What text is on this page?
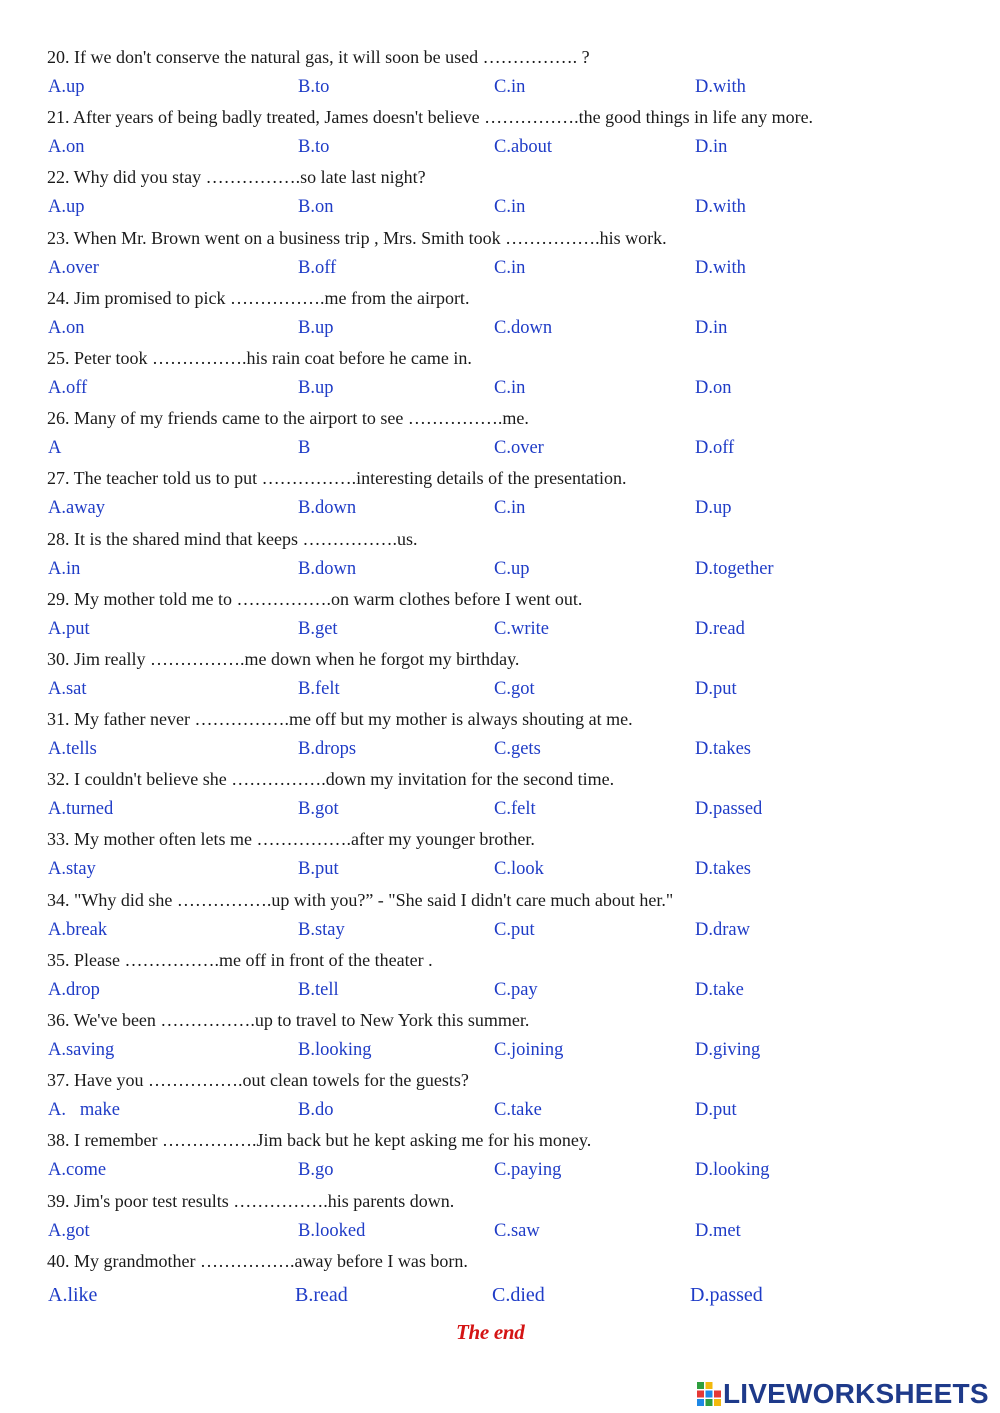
20. If we don't conserve the natural gas, it will soon be used ……………. ?
A.up	B.to	C.in	D.with
21. After years of being badly treated, James doesn't believe …………….the good things in life any more.
A.on	B.to	C.about	D.in
22. Why did you stay …………….so late last night?
A.up	B.on	C.in	D.with
23. When Mr. Brown went on a business trip , Mrs. Smith took …………….his work.
A.over	B.off	C.in	D.with
24. Jim promised to pick …………….me from the airport.
A.on	B.up	C.down	D.in
25. Peter took …………….his rain coat before he came in.
A.off	B.up	C.in	D.on
26. Many of my friends came to the airport to see …………….me.
A	B	C.over	D.off
27. The teacher told us to put …………….interesting details of the presentation.
A.away	B.down	C.in	D.up
28. It is the shared mind that keeps …………….us.
A.in	B.down	C.up	D.together
29. My mother told me to …………….on warm clothes before I went out.
A.put	B.get	C.write	D.read
30. Jim really …………….me down when he forgot my birthday.
A.sat	B.felt	C.got	D.put
31. My father never …………….me off but my mother is always shouting at me.
A.tells	B.drops	C.gets	D.takes
32. I couldn't believe she …………….down my invitation for the second time.
A.turned	B.got	C.felt	D.passed
33. My mother often lets me …………….after my younger brother.
A.stay	B.put	C.look	D.takes
34. "Why did she …………….up with you?” - "She said I didn't care much about her."
A.break	B.stay	C.put	D.draw
35. Please …………….me off in front of the theater .
A.drop	B.tell	C.pay	D.take
36. We've been …………….up to travel to New York this summer.
A.saving	B.looking	C.joining	D.giving
37. Have you …………….out clean towels for the guests?
A.   make	B.do	C.take	D.put
38. I remember …………….Jim back but he kept asking me for his money.
A.come	B.go	C.paying	D.looking
39. Jim's poor test results …………….his parents down.
A.got	B.looked	C.saw	D.met
40. My grandmother …………….away before I was born.
A.like	B.read	C.died	D.passed
The end
LIVEWORKSHEETS
